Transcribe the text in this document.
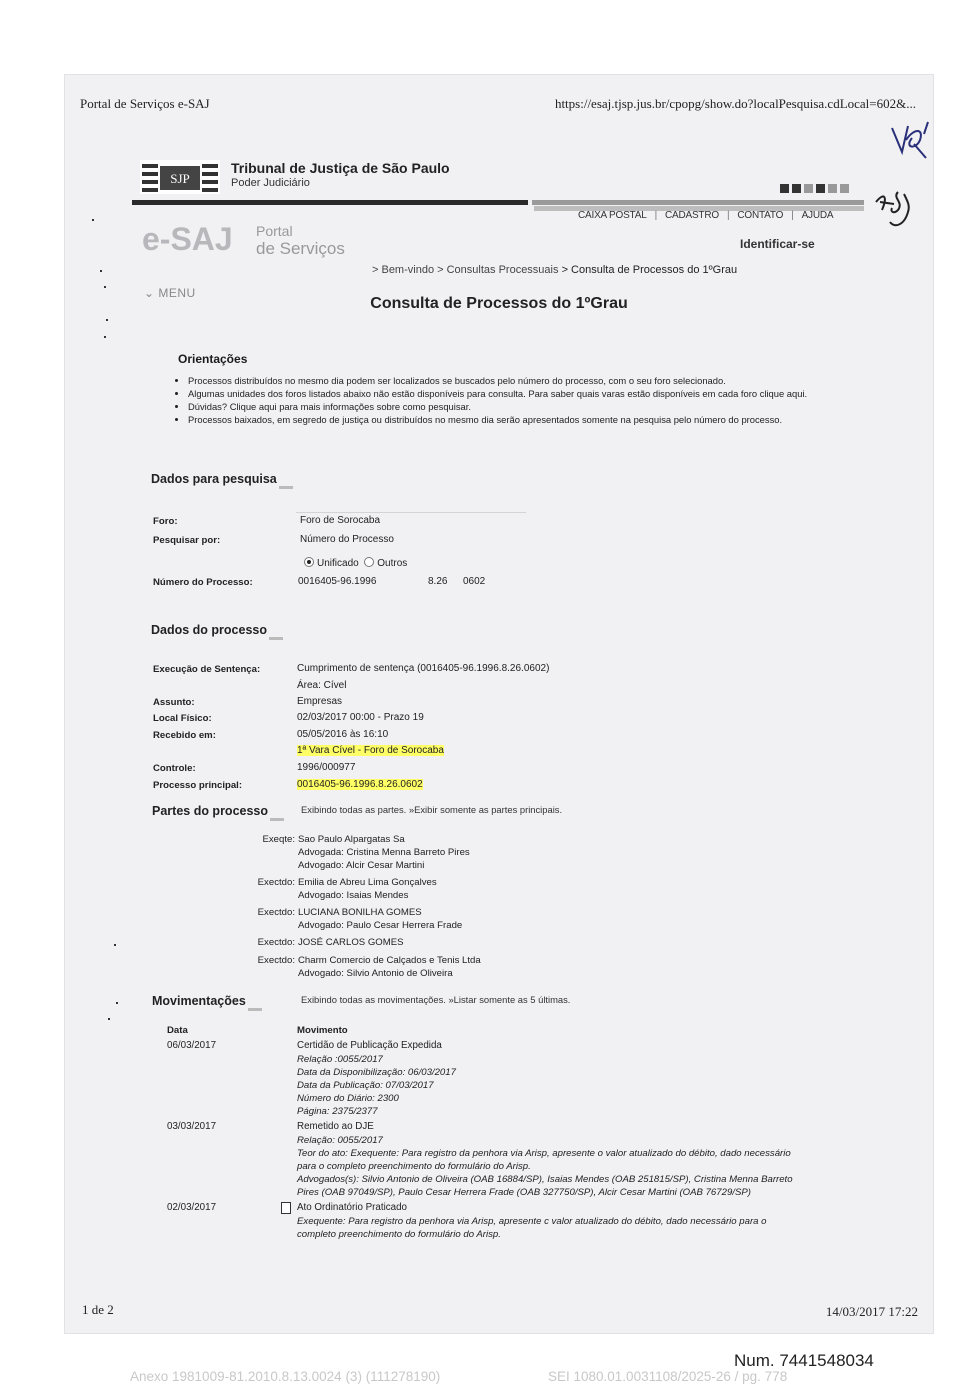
Portal de Serviços e-SAJ	https://esaj.tjsp.jus.br/cpopg/show.do?localPesquisa.cdLocal=602&...
SJP
Tribunal de Justiça de São Paulo
Poder Judiciário
CAIXA POSTAL | CADASTRO | CONTATO | AJUDA
Identificar-se
e-SAJ Portal
de Serviços
> Bem-vindo > Consultas Processuais > Consulta de Processos do 1ºGrau
⌄ MENU
Consulta de Processos do 1ºGrau
Orientações
• Processos distribuídos no mesmo dia podem ser localizados se buscados pelo número do processo, com o seu foro selecionado.
• Algumas unidades dos foros listados abaixo não estão disponíveis para consulta. Para saber quais varas estão disponíveis em cada foro clique aqui.
• Dúvidas? Clique aqui para mais informações sobre como pesquisar.
• Processos baixados, em segredo de justiça ou distribuídos no mesmo dia serão apresentados somente na pesquisa pelo número do processo.
Dados para pesquisa
Foro:	Foro de Sorocaba
Pesquisar por:	Número do Processo
Unificado Outros
Número do Processo:	0016405-96.1996	8.26 0602
Dados do processo
Execução de Sentença:	Cumprimento de sentença (0016405-96.1996.8.26.0602)
Área: Cível
Assunto:	Empresas
Local Físico:	02/03/2017 00:00 - Prazo 19
Recebido em:	05/05/2016 às 16:10
1ª Vara Cível - Foro de Sorocaba
Controle:	1996/000977
Processo principal:	0016405-96.1996.8.26.0602
Partes do processo	Exibindo todas as partes. »Exibir somente as partes principais.
Exeqte: Sao Paulo Alpargatas Sa
Advogada: Cristina Menna Barreto Pires
Advogado: Alcir Cesar Martini
Exectdo: Emilia de Abreu Lima Gonçalves
Advogado: Isaias Mendes
Exectdo: LUCIANA BONILHA GOMES
Advogado: Paulo Cesar Herrera Frade
Exectdo: JOSÉ CARLOS GOMES
Exectdo: Charm Comercio de Calçados e Tenis Ltda
Advogado: Silvio Antonio de Oliveira
Movimentações	Exibindo todas as movimentações. »Listar somente as 5 últimas.
Data	Movimento
06/03/2017	Certidão de Publicação Expedida
Relação :0055/2017
Data da Disponibilização: 06/03/2017
Data da Publicação: 07/03/2017
Número do Diário: 2300
Página: 2375/2377
03/03/2017	Remetido ao DJE
Relação: 0055/2017
Teor do ato: Exequente: Para registro da penhora via Arisp, apresente o valor atualizado do débito, dado necessário
para o completo preenchimento do formulário do Arisp.
Advogados(s): Silvio Antonio de Oliveira (OAB 16884/SP), Isaias Mendes (OAB 251815/SP), Cristina Menna Barreto
Pires (OAB 97049/SP), Paulo Cesar Herrera Frade (OAB 327750/SP), Alcir Cesar Martini (OAB 76729/SP)
02/03/2017	Ato Ordinatório Praticado
Exequente: Para registro da penhora via Arisp, apresente c valor atualizado do débito, dado necessário para o
completo preenchimento do formulário do Arisp.
1 de 2	14/03/2017 17:22
Num. 7441548034
Anexo 1981009-81.2010.8.13.0024 (3) (111278190)	SEI 1080.01.0031108/2025-26 / pg. 778
